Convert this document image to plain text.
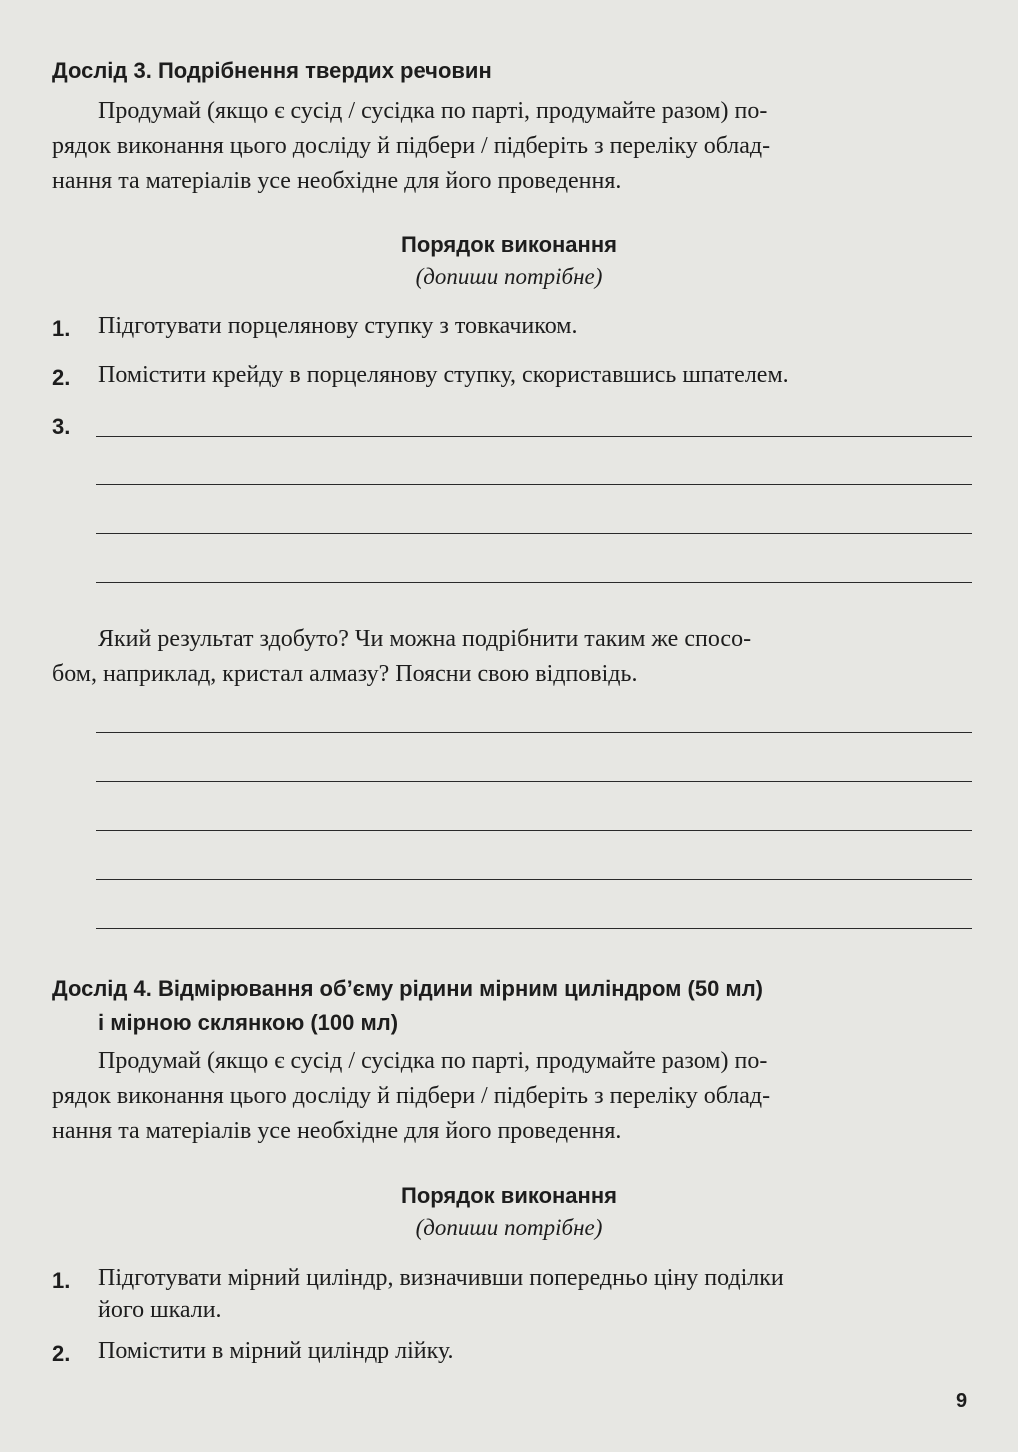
Дослід 3. Подрібнення твердих речовин
Продумай (якщо є сусід / сусідка по парті, продумайте разом) по-
рядок виконання цього досліду й підбери / підберіть з переліку облад-
нання та матеріалів усе необхідне для його проведення.
Порядок виконання
(допиши потрібне)
1. Підготувати порцелянову ступку з товкачиком.
2. Помістити крейду в порцелянову ступку, скориставшись шпателем.
3.
Який результат здобуто? Чи можна подрібнити таким же спосо-
бом, наприклад, кристал алмазу? Поясни свою відповідь.
Дослід 4. Відмірювання об’єму рідини мірним циліндром (50 мл)
і мірною склянкою (100 мл)
Продумай (якщо є сусід / сусідка по парті, продумайте разом) по-
рядок виконання цього досліду й підбери / підберіть з переліку облад-
нання та матеріалів усе необхідне для його проведення.
Порядок виконання
(допиши потрібне)
1. Підготувати мірний циліндр, визначивши попередньо ціну поділки
його шкали.
2. Помістити в мірний циліндр лійку.
9
